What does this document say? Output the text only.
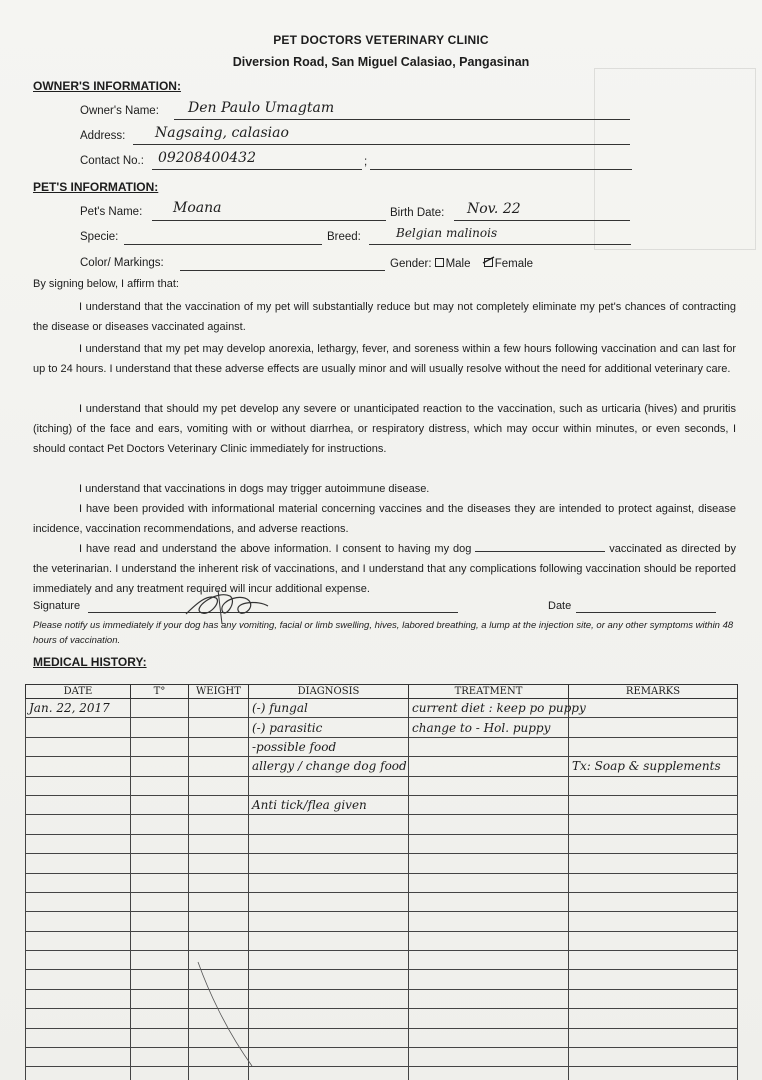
PET DOCTORS VETERINARY CLINIC
Diversion Road, San Miguel Calasiao, Pangasinan
OWNER'S INFORMATION:
Owner's Name: Den Paulo Umagtam
Address: Nagsaing, calasiao
Contact No.:	;
09208400432
PET'S INFORMATION:
Pet's Name: Moana	Birth Date: Nov. 22
Specie:	Breed:	Belgian malinois
Color/ Markings:	Gender: Male Female
By signing below, I affirm that:
I understand that the vaccination of my pet will substantially reduce but may not completely eliminate my pet's chances of contracting the disease or diseases vaccinated against.
I understand that my pet may develop anorexia, lethargy, fever, and soreness within a few hours following vaccination and can last for up to 24 hours. I understand that these adverse effects are usually minor and will usually resolve without the need for additional veterinary care.
I understand that should my pet develop any severe or unanticipated reaction to the vaccination, such as urticaria (hives) and pruritis (itching) of the face and ears, vomiting with or without diarrhea, or respiratory distress, which may occur within minutes, or even seconds, I should contact Pet Doctors Veterinary Clinic immediately for instructions.
I understand that vaccinations in dogs may trigger autoimmune disease.
I have been provided with informational material concerning vaccines and the diseases they are intended to protect against, disease incidence, vaccination recommendations, and adverse reactions.
I have read and understand the above information. I consent to having my dog	vaccinated as directed by the veterinarian. I understand the inherent risk of vaccinations, and I understand that any complications following vaccination should be reported immediately and any treatment required will incur additional expense.
Signature	Date
Please notify us immediately if your dog has any vomiting, facial or limb swelling, hives, labored breathing, a lump at the injection site, or any other symptoms within 48 hours of vaccination.
MEDICAL HISTORY:
DATE	T°	WEIGHT	DIAGNOSIS	TREATMENT	REMARKS
Jan. 22, 2017			(-) fungal	current diet : keep po puppy	
			(-) parasitic	change to - Hol. puppy	
			-possible food		
			allergy / change dog food		Tx: Soap & supplements

			Anti tick/flea given		
